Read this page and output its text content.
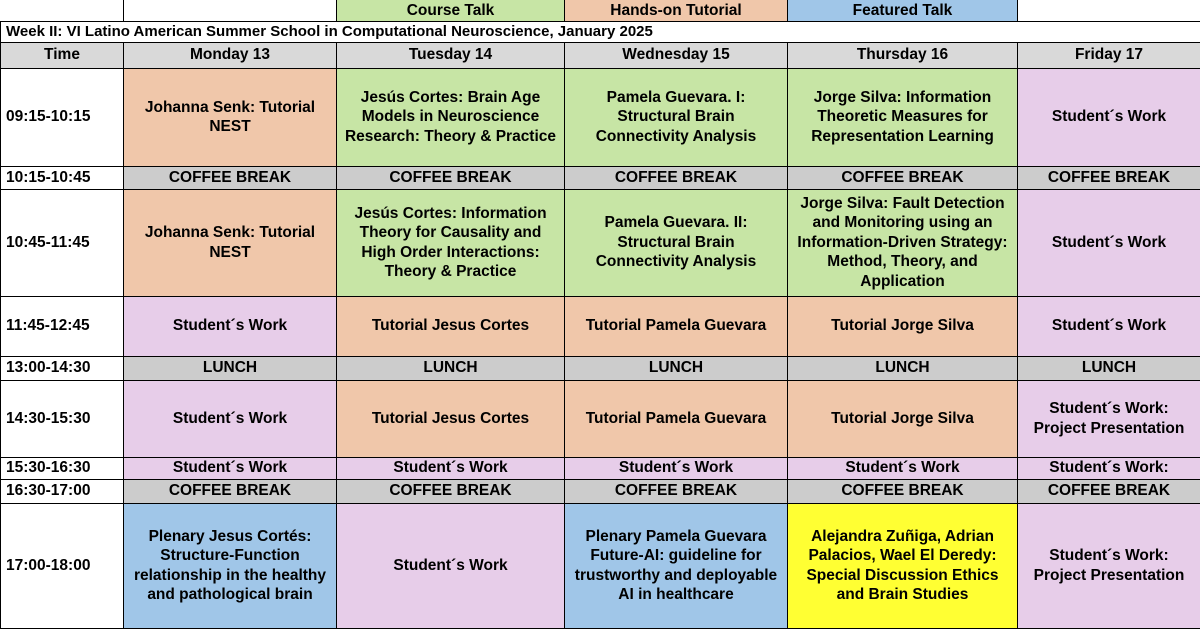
		Course Talk	Hands-on Tutorial	Featured Talk	
Week II: VI Latino American Summer School in Computational Neuroscience, January 2025					
Time	Monday 13	Tuesday 14	Wednesday 15	Thursday 16	Friday 17
09:15-10:15	Johanna Senk: Tutorial NEST	Jesús Cortes: Brain Age Models in Neuroscience Research: Theory & Practice	Pamela Guevara. I: Structural Brain Connectivity Analysis	Jorge Silva: Information Theoretic Measures for Representation Learning	Student´s Work
10:15-10:45	COFFEE BREAK	COFFEE BREAK	COFFEE BREAK	COFFEE BREAK	COFFEE BREAK
10:45-11:45	Johanna Senk: Tutorial NEST	Jesús Cortes: Information Theory for Causality and High Order Interactions: Theory & Practice	Pamela Guevara. II: Structural Brain Connectivity Analysis	Jorge Silva: Fault Detection and Monitoring using an Information-Driven Strategy: Method, Theory, and Application	Student´s Work
11:45-12:45	Student´s Work	Tutorial Jesus Cortes	Tutorial Pamela Guevara	Tutorial Jorge Silva	Student´s Work
13:00-14:30	LUNCH	LUNCH	LUNCH	LUNCH	LUNCH
14:30-15:30	Student´s Work	Tutorial Jesus Cortes	Tutorial Pamela Guevara	Tutorial Jorge Silva	Student´s Work: Project Presentation
15:30-16:30	Student´s Work	Student´s Work	Student´s Work	Student´s Work	Student´s Work:
16:30-17:00	COFFEE BREAK	COFFEE BREAK	COFFEE BREAK	COFFEE BREAK	COFFEE BREAK
17:00-18:00	Plenary Jesus Cortés: Structure-Function relationship in the healthy and pathological brain	Student´s Work	Plenary Pamela Guevara Future-AI: guideline for trustworthy and deployable AI in healthcare	Alejandra Zuñiga, Adrian Palacios, Wael El Deredy: Special Discussion Ethics and Brain Studies	Student´s Work: Project Presentation
